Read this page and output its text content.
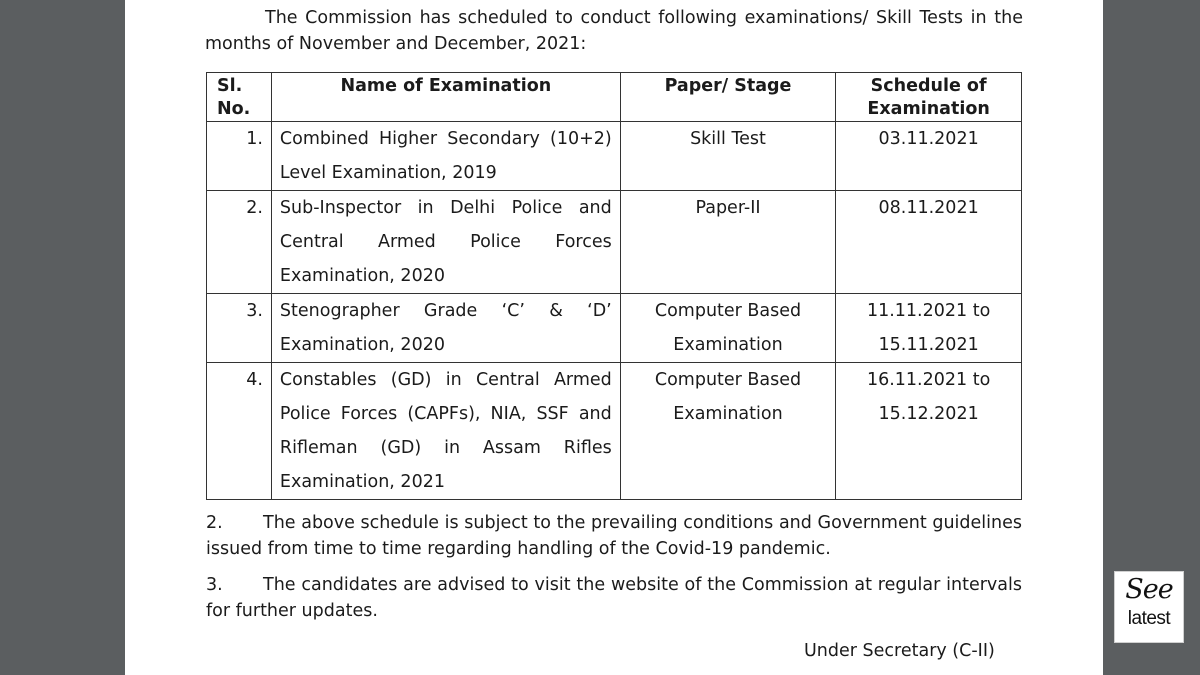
The Commission has scheduled to conduct following examinations/ Skill Tests in the months of November and December, 2021:

Sl. No.	Name of Examination	Paper/ Stage	Schedule of Examination
1.	Combined Higher Secondary (10+2) Level Examination, 2019	Skill Test	03.11.2021
2.	Sub-Inspector in Delhi Police and Central Armed Police Forces Examination, 2020	Paper-II	08.11.2021
3.	Stenographer Grade ‘C’ & ‘D’ Examination, 2020	Computer Based Examination	11.11.2021 to 15.11.2021
4.	Constables (GD) in Central Armed Police Forces (CAPFs), NIA, SSF and Rifleman (GD) in Assam Rifles Examination, 2021	Computer Based Examination	16.11.2021 to 15.12.2021

2. The above schedule is subject to the prevailing conditions and Government guidelines issued from time to time regarding handling of the Covid-19 pandemic.

3. The candidates are advised to visit the website of the Commission at regular intervals for further updates.

Under Secretary (C-II)
See
latest
